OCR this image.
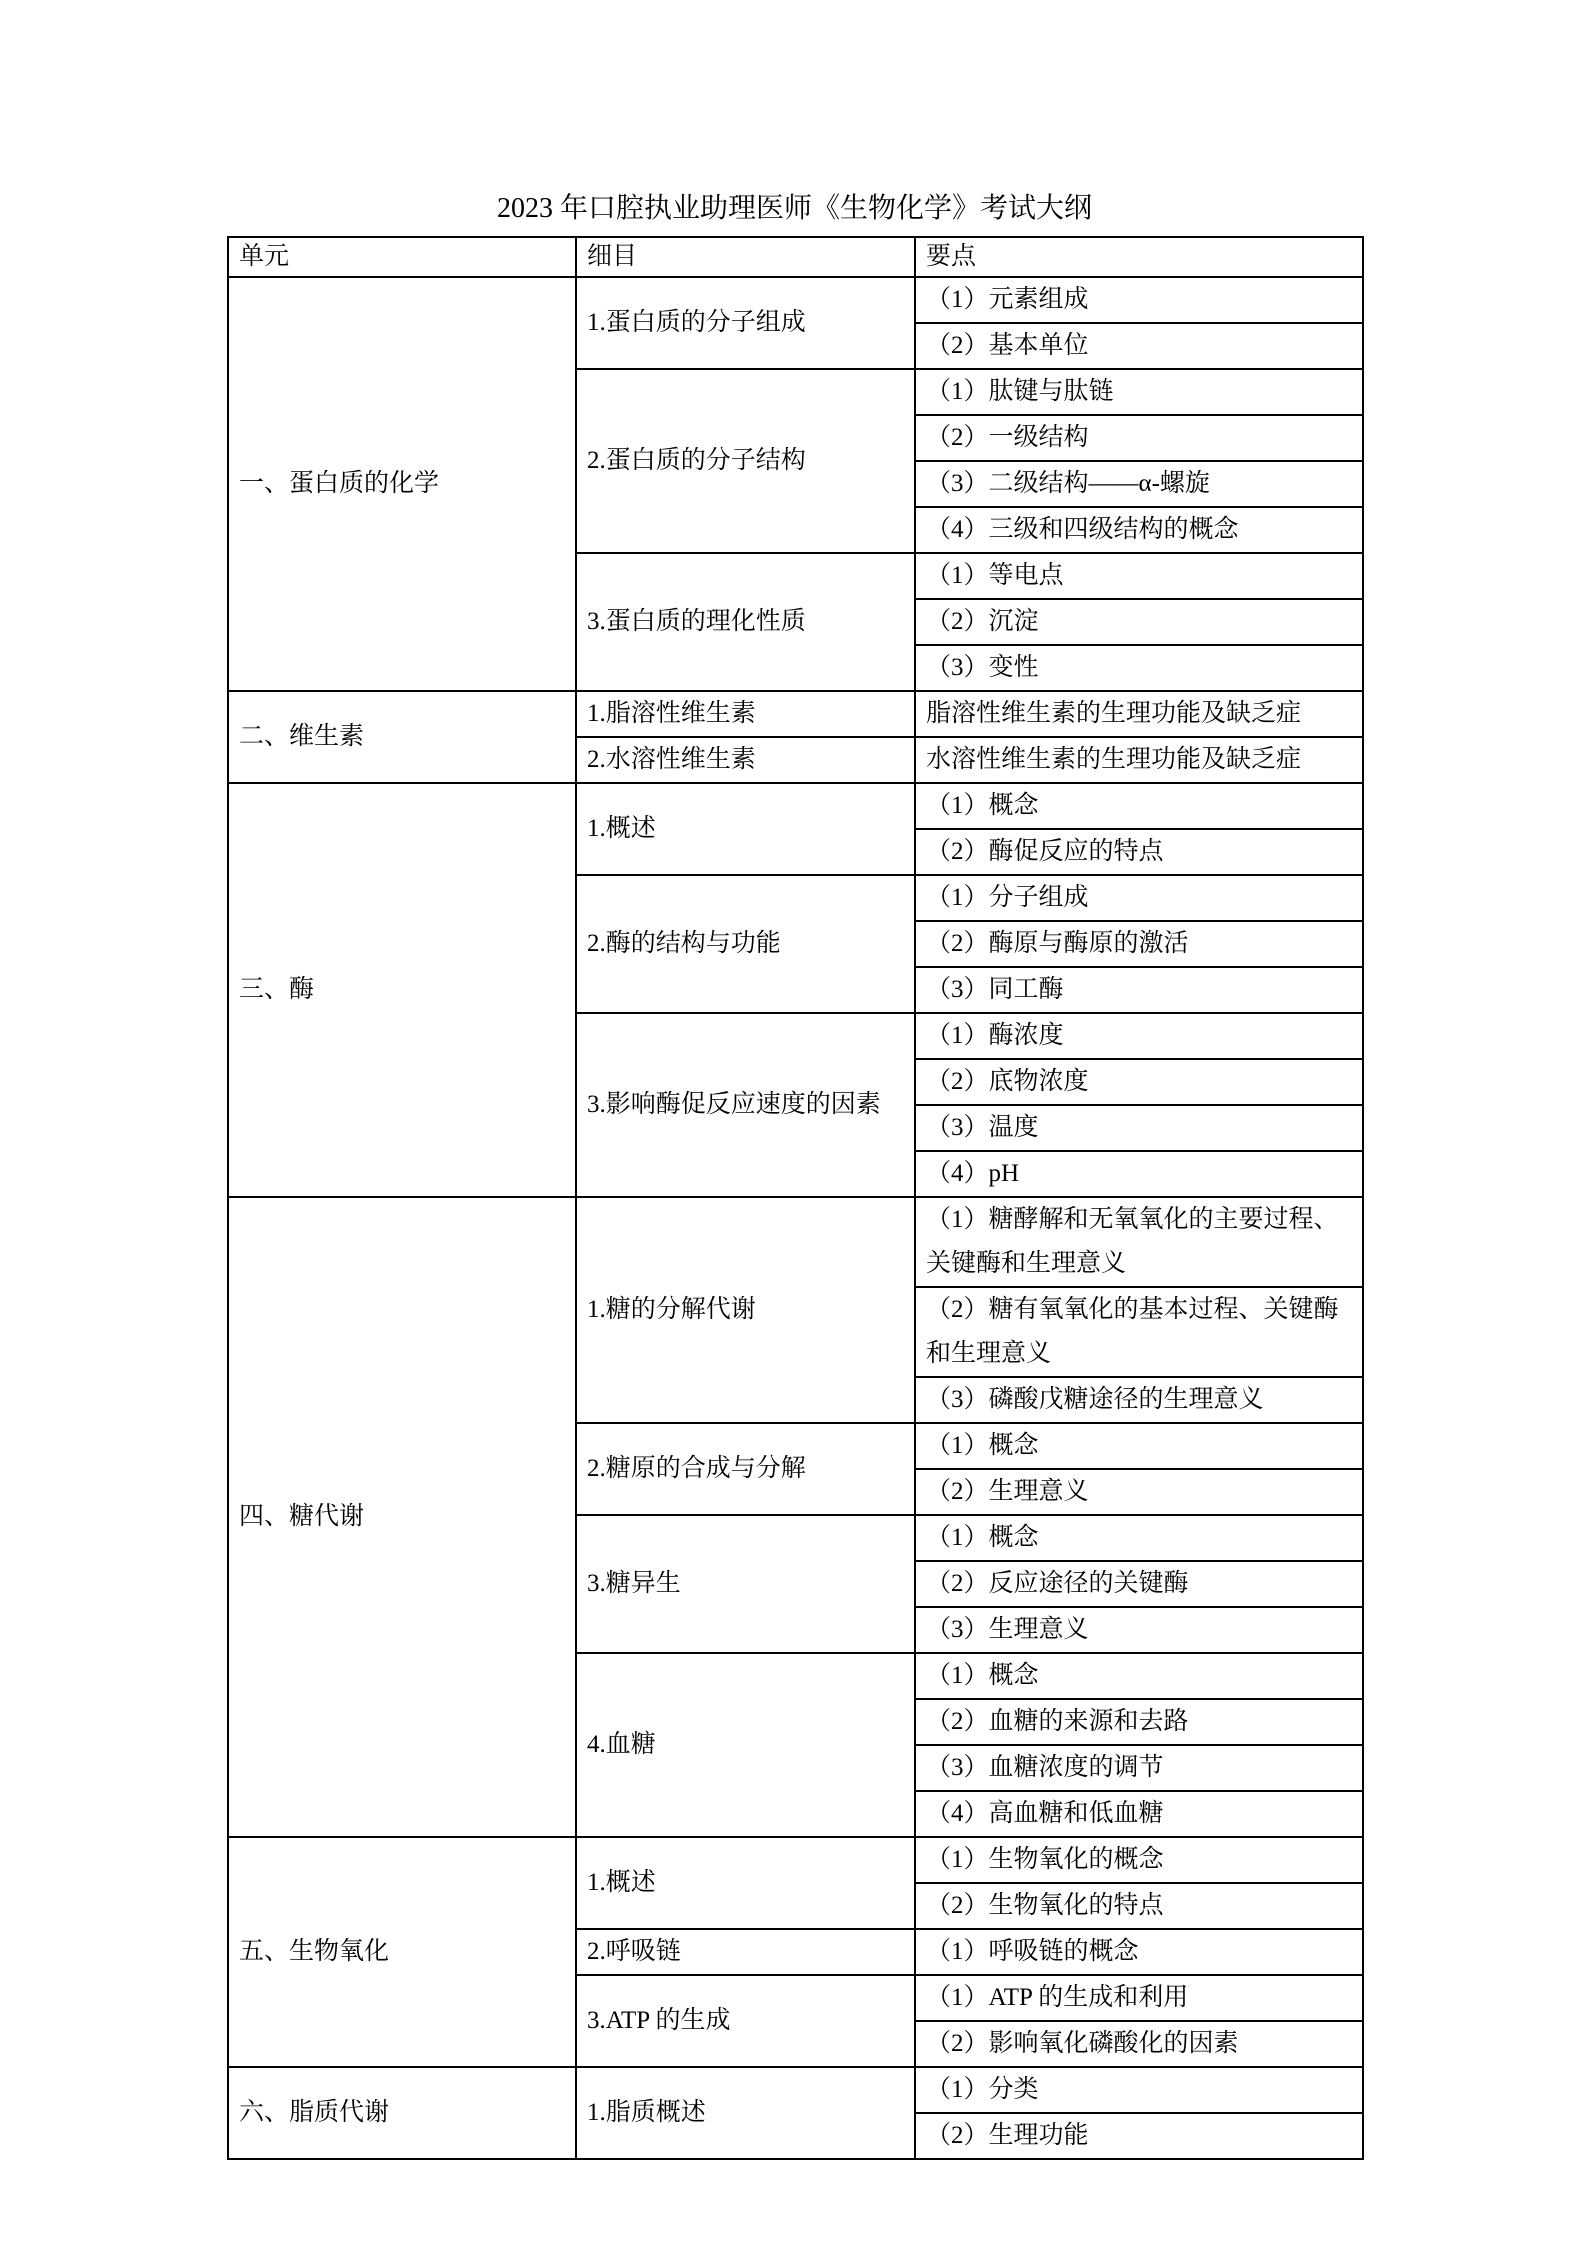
2023 年口腔执业助理医师《生物化学》考试大纲
单元	细目	要点
一、蛋白质的化学	1.蛋白质的分子组成	（1）元素组成
		（2）基本单位
	2.蛋白质的分子结构	（1）肽键与肽链
		（2）一级结构
		（3）二级结构——α-螺旋
		（4）三级和四级结构的概念
	3.蛋白质的理化性质	（1）等电点
		（2）沉淀
		（3）变性
二、维生素	1.脂溶性维生素	脂溶性维生素的生理功能及缺乏症
	2.水溶性维生素	水溶性维生素的生理功能及缺乏症
三、酶	1.概述	（1）概念
		（2）酶促反应的特点
	2.酶的结构与功能	（1）分子组成
		（2）酶原与酶原的激活
		（3）同工酶
	3.影响酶促反应速度的因素	（1）酶浓度
		（2）底物浓度
		（3）温度
		（4）pH
四、糖代谢	1.糖的分解代谢	（1）糖酵解和无氧氧化的主要过程、关键酶和生理意义
		（2）糖有氧氧化的基本过程、关键酶和生理意义
		（3）磷酸戊糖途径的生理意义
	2.糖原的合成与分解	（1）概念
		（2）生理意义
	3.糖异生	（1）概念
		（2）反应途径的关键酶
		（3）生理意义
	4.血糖	（1）概念
		（2）血糖的来源和去路
		（3）血糖浓度的调节
		（4）高血糖和低血糖
五、生物氧化	1.概述	（1）生物氧化的概念
		（2）生物氧化的特点
	2.呼吸链	（1）呼吸链的概念
	3.ATP 的生成	（1）ATP 的生成和利用
		（2）影响氧化磷酸化的因素
六、脂质代谢	1.脂质概述	（1）分类
		（2）生理功能
